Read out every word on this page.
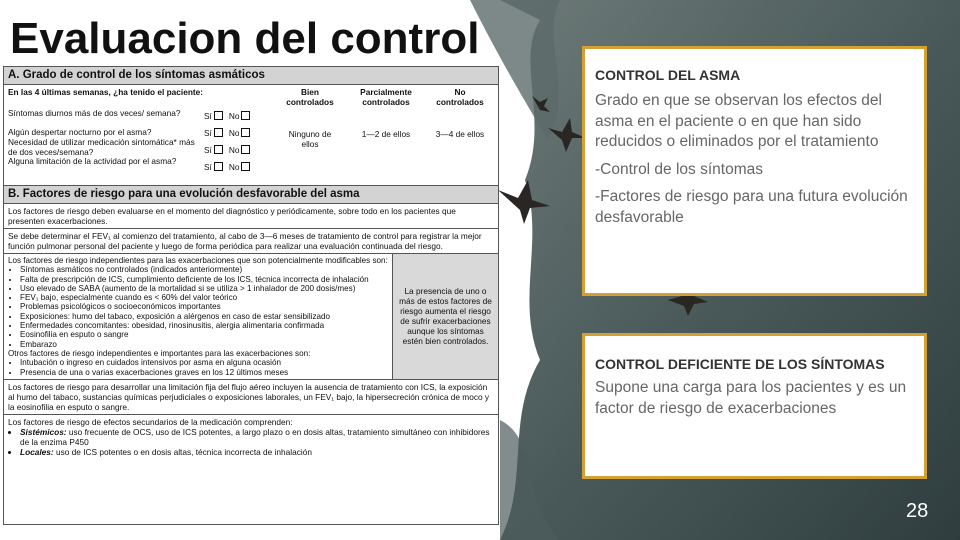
Evaluacion del control
A. Grado de control de los síntomas asmáticos
En las 4 últimas semanas, ¿ha tenido el paciente:	Bien controlados
Parcialmente controlados
No controlados
Síntomas diurnos más de dos veces/ semana?
Algún despertar nocturno por el asma?
Necesidad de utilizar medicación sintomática* más de dos veces/semana?
Alguna limitación de la actividad por el asma?
Sí No
Sí No
Sí No
Sí No
Ninguno de ellos
1—2 de ellos	3—4 de ellos
B. Factores de riesgo para una evolución desfavorable del asma
Los factores de riesgo deben evaluarse en el momento del diagnóstico y periódicamente, sobre todo en los pacientes que presenten exacerbaciones.
Se debe determinar el FEV₁ al comienzo del tratamiento, al cabo de 3—6 meses de tratamiento de control para registrar la mejor función pulmonar personal del paciente y luego de forma periódica para realizar una evaluación continuada del riesgo.
Los factores de riesgo independientes para las exacerbaciones que son potencialmente modificables son:
• Síntomas asmáticos no controlados (indicados anteriormente)
• Falta de prescripción de ICS, cumplimiento deficiente de los ICS, técnica incorrecta de inhalación
• Uso elevado de SABA (aumento de la mortalidad si se utiliza > 1 inhalador de 200 dosis/mes)
• FEV₁ bajo, especialmente cuando es < 60% del valor teórico
• Problemas psicológicos o socioeconómicos importantes
• Exposiciones: humo del tabaco, exposición a alérgenos en caso de estar sensibilizado
• Enfermedades concomitantes: obesidad, rinosinusitis, alergia alimentaria confirmada
• Eosinofilia en esputo o sangre
• Embarazo
Otros factores de riesgo independientes e importantes para las exacerbaciones son:
• Intubación o ingreso en cuidados intensivos por asma en alguna ocasión
• Presencia de una o varias exacerbaciones graves en los 12 últimos meses
La presencia de uno o más de estos factores de riesgo aumenta el riesgo de sufrir exacerbaciones aunque los síntomas estén bien controlados.
Los factores de riesgo para desarrollar una limitación fija del flujo aéreo incluyen la ausencia de tratamiento con ICS, la exposición al humo del tabaco, sustancias químicas perjudiciales o exposiciones laborales, un FEV₁ bajo, la hipersecreción crónica de moco y la eosinofilia en esputo o sangre.
Los factores de riesgo de efectos secundarios de la medicación comprenden:
• Sistémicos: uso frecuente de OCS, uso de ICS potentes, a largo plazo o en dosis altas, tratamiento simultáneo con inhibidores de la enzima P450
• Locales: uso de ICS potentes o en dosis altas, técnica incorrecta de inhalación
CONTROL DEL ASMA

Grado en que se observan los efectos del asma en el paciente o en que han sido reducidos o eliminados por el tratamiento

-Control de los síntomas

-Factores de riesgo para una futura evolución desfavorable

CONTROL DEFICIENTE DE LOS SÍNTOMAS
Supone una carga para los pacientes y es un factor de riesgo de exacerbaciones
28
